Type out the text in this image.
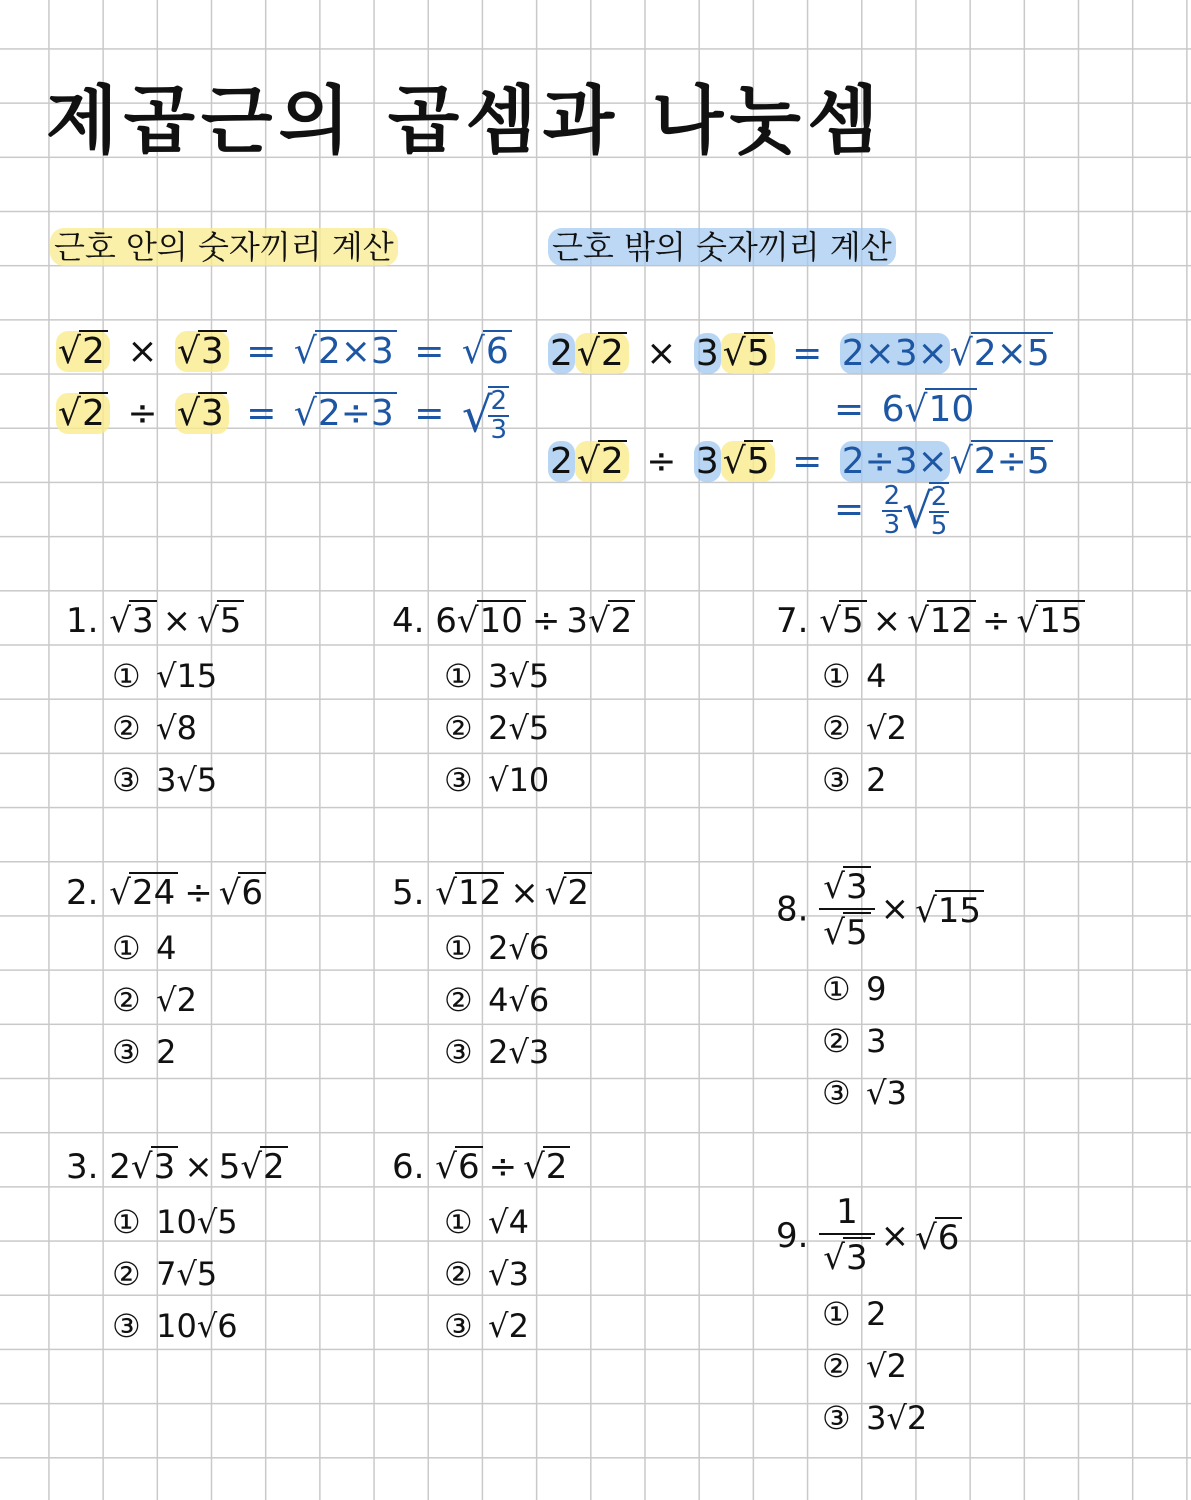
제곱근의 곱셈과 나눗셈
근호 안의 숫자끼리 계산	근호 밖의 숫자끼리 계산
√2 × √3 = √2×3 = √6
√2 ÷ √3 = √2÷3 = √
$\frac{2}{3}$
2 √2 × 3 √5 = 2×3×√2×5
= 6√10
2 √2 ÷ 3 √5 = 2÷3×√2÷5
= $\frac{2}{3}$ √
$\frac{2}{5}$
1. √3 × √5
① √15
② √8
③ 3√5
2. √24 ÷ √6
① 4
② √2
③ 2
3. 2√3 × 5√2
① 10√5
② 7√5
③ 10√6
4. 6√10 ÷ 3√2
① 3√5
② 2√5
③ √10
5. √12 × √2
① 2√6
② 4√6
③ 2√3
6. √6 ÷ √2
① √4
② √3
③ √2
7. √5 × √12 ÷ √15
① 4
② √2
③ 2
8. $\frac{√3}{√5} \times √15$
① 9
② 3
③ √3
9. $\frac{1}{√3} \times √6$
① 2
② √2
③ 3√2
